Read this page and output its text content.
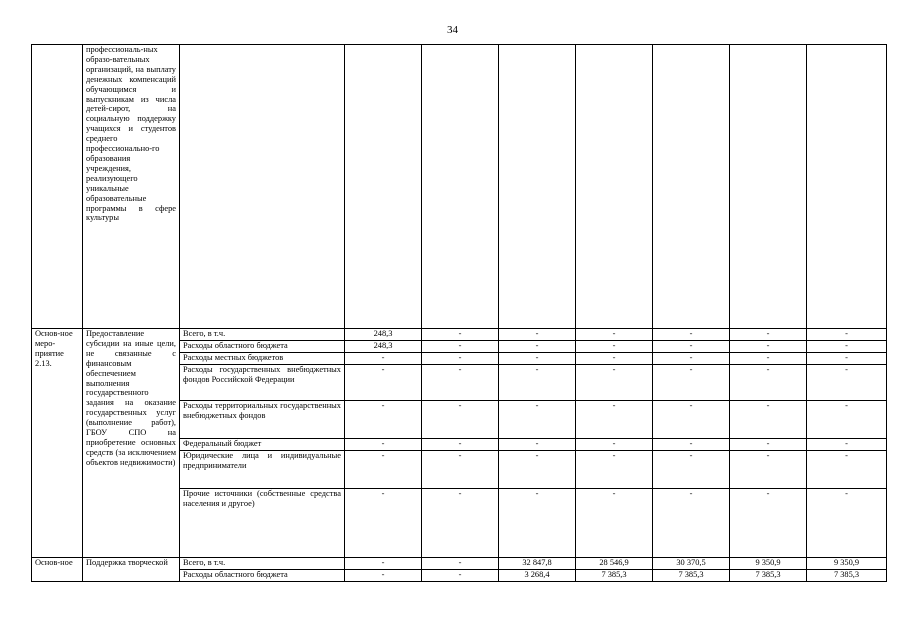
34
	профессиональ-ных образо-вательных организаций, на выплату денежных компенсаций обучающимся и выпускникам из числа детей-сирот, на социальную поддержку учащихся и студентов среднего профессионально-го образования учреждения, реализующего уникальные образовательные программы в сфере культуры								
Основ-ное меро-приятие 2.13.	Предоставление субсидии на иные цели, не связанные с финансовым обеспечением выполнения государственного задания на оказание государственных услуг (выполнение работ), ГБОУ СПО на приобретение основных средств (за исключением объектов недвижимости)	Всего, в т.ч.	248,3	-	-	-	-	-	-
		Расходы областного бюджета	248,3	-	-	-	-	-	-
		Расходы местных бюджетов	-	-	-	-	-	-	-
		Расходы государственных внебюджетных фондов Российской Федерации	-	-	-	-	-	-	-
		Расходы территориальных государственных внебюджетных фондов	-	-	-	-	-	-	-
		Федеральный бюджет	-	-	-	-	-	-	-
		Юридические лица и индивидуальные предприниматели	-	-	-	-	-	-	-
		Прочие источники (собственные средства населения и другое)	-	-	-	-	-	-	-
Основ-ное	Поддержка творческой	Всего, в т.ч.	-	-	32 847,8	28 546,9	30 370,5	9 350,9	9 350,9
		Расходы областного бюджета	-	-	3 268,4	7 385,3	7 385,3	7 385,3	7 385,3
